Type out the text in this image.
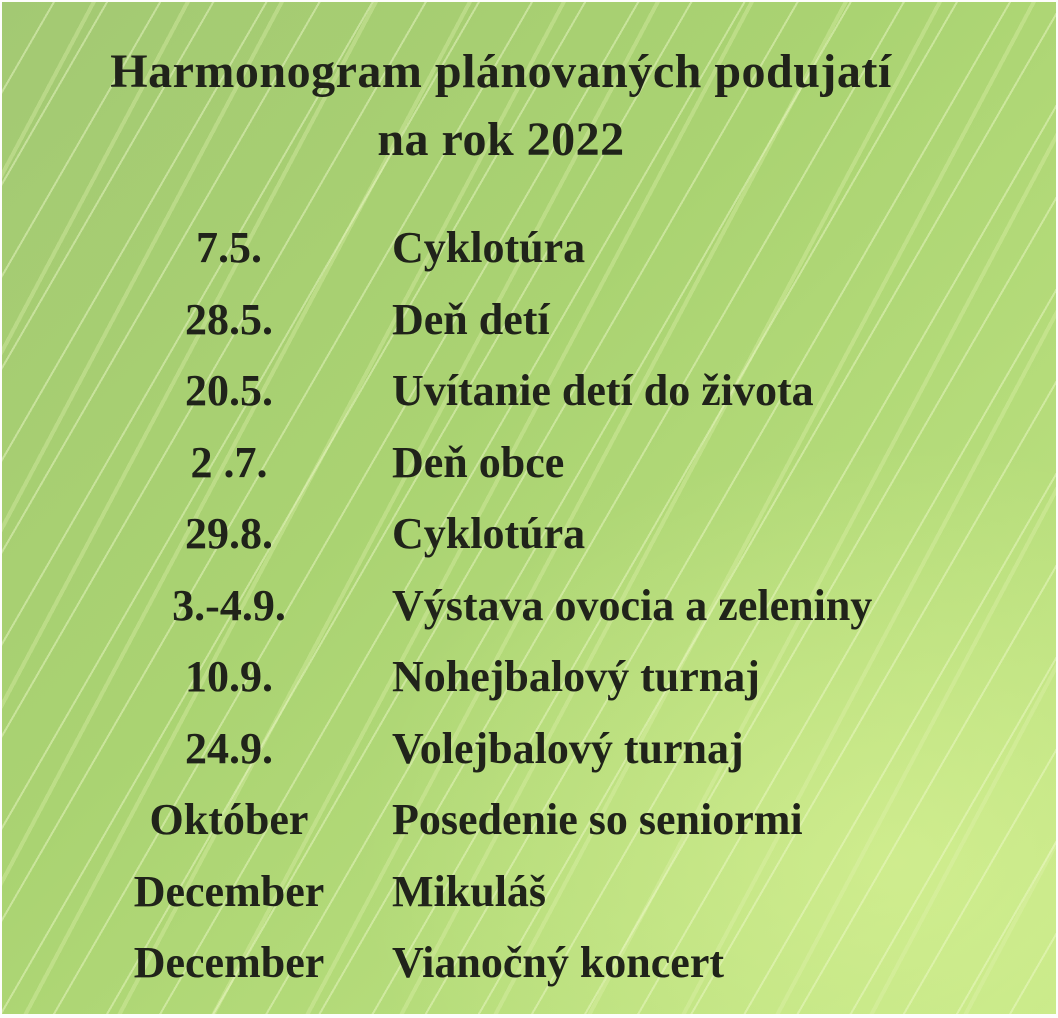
Harmonogram plánovaných podujatí
na rok 2022
7.5.	Cyklotúra
28.5.	Deň detí
20.5.	Uvítanie detí do života
2 .7.	Deň obce
29.8.	Cyklotúra
3.-4.9.	Výstava ovocia a zeleniny
10.9.	Nohejbalový turnaj
24.9.	Volejbalový turnaj
Október	Posedenie so seniormi
December	Mikuláš
December	Vianočný koncert
